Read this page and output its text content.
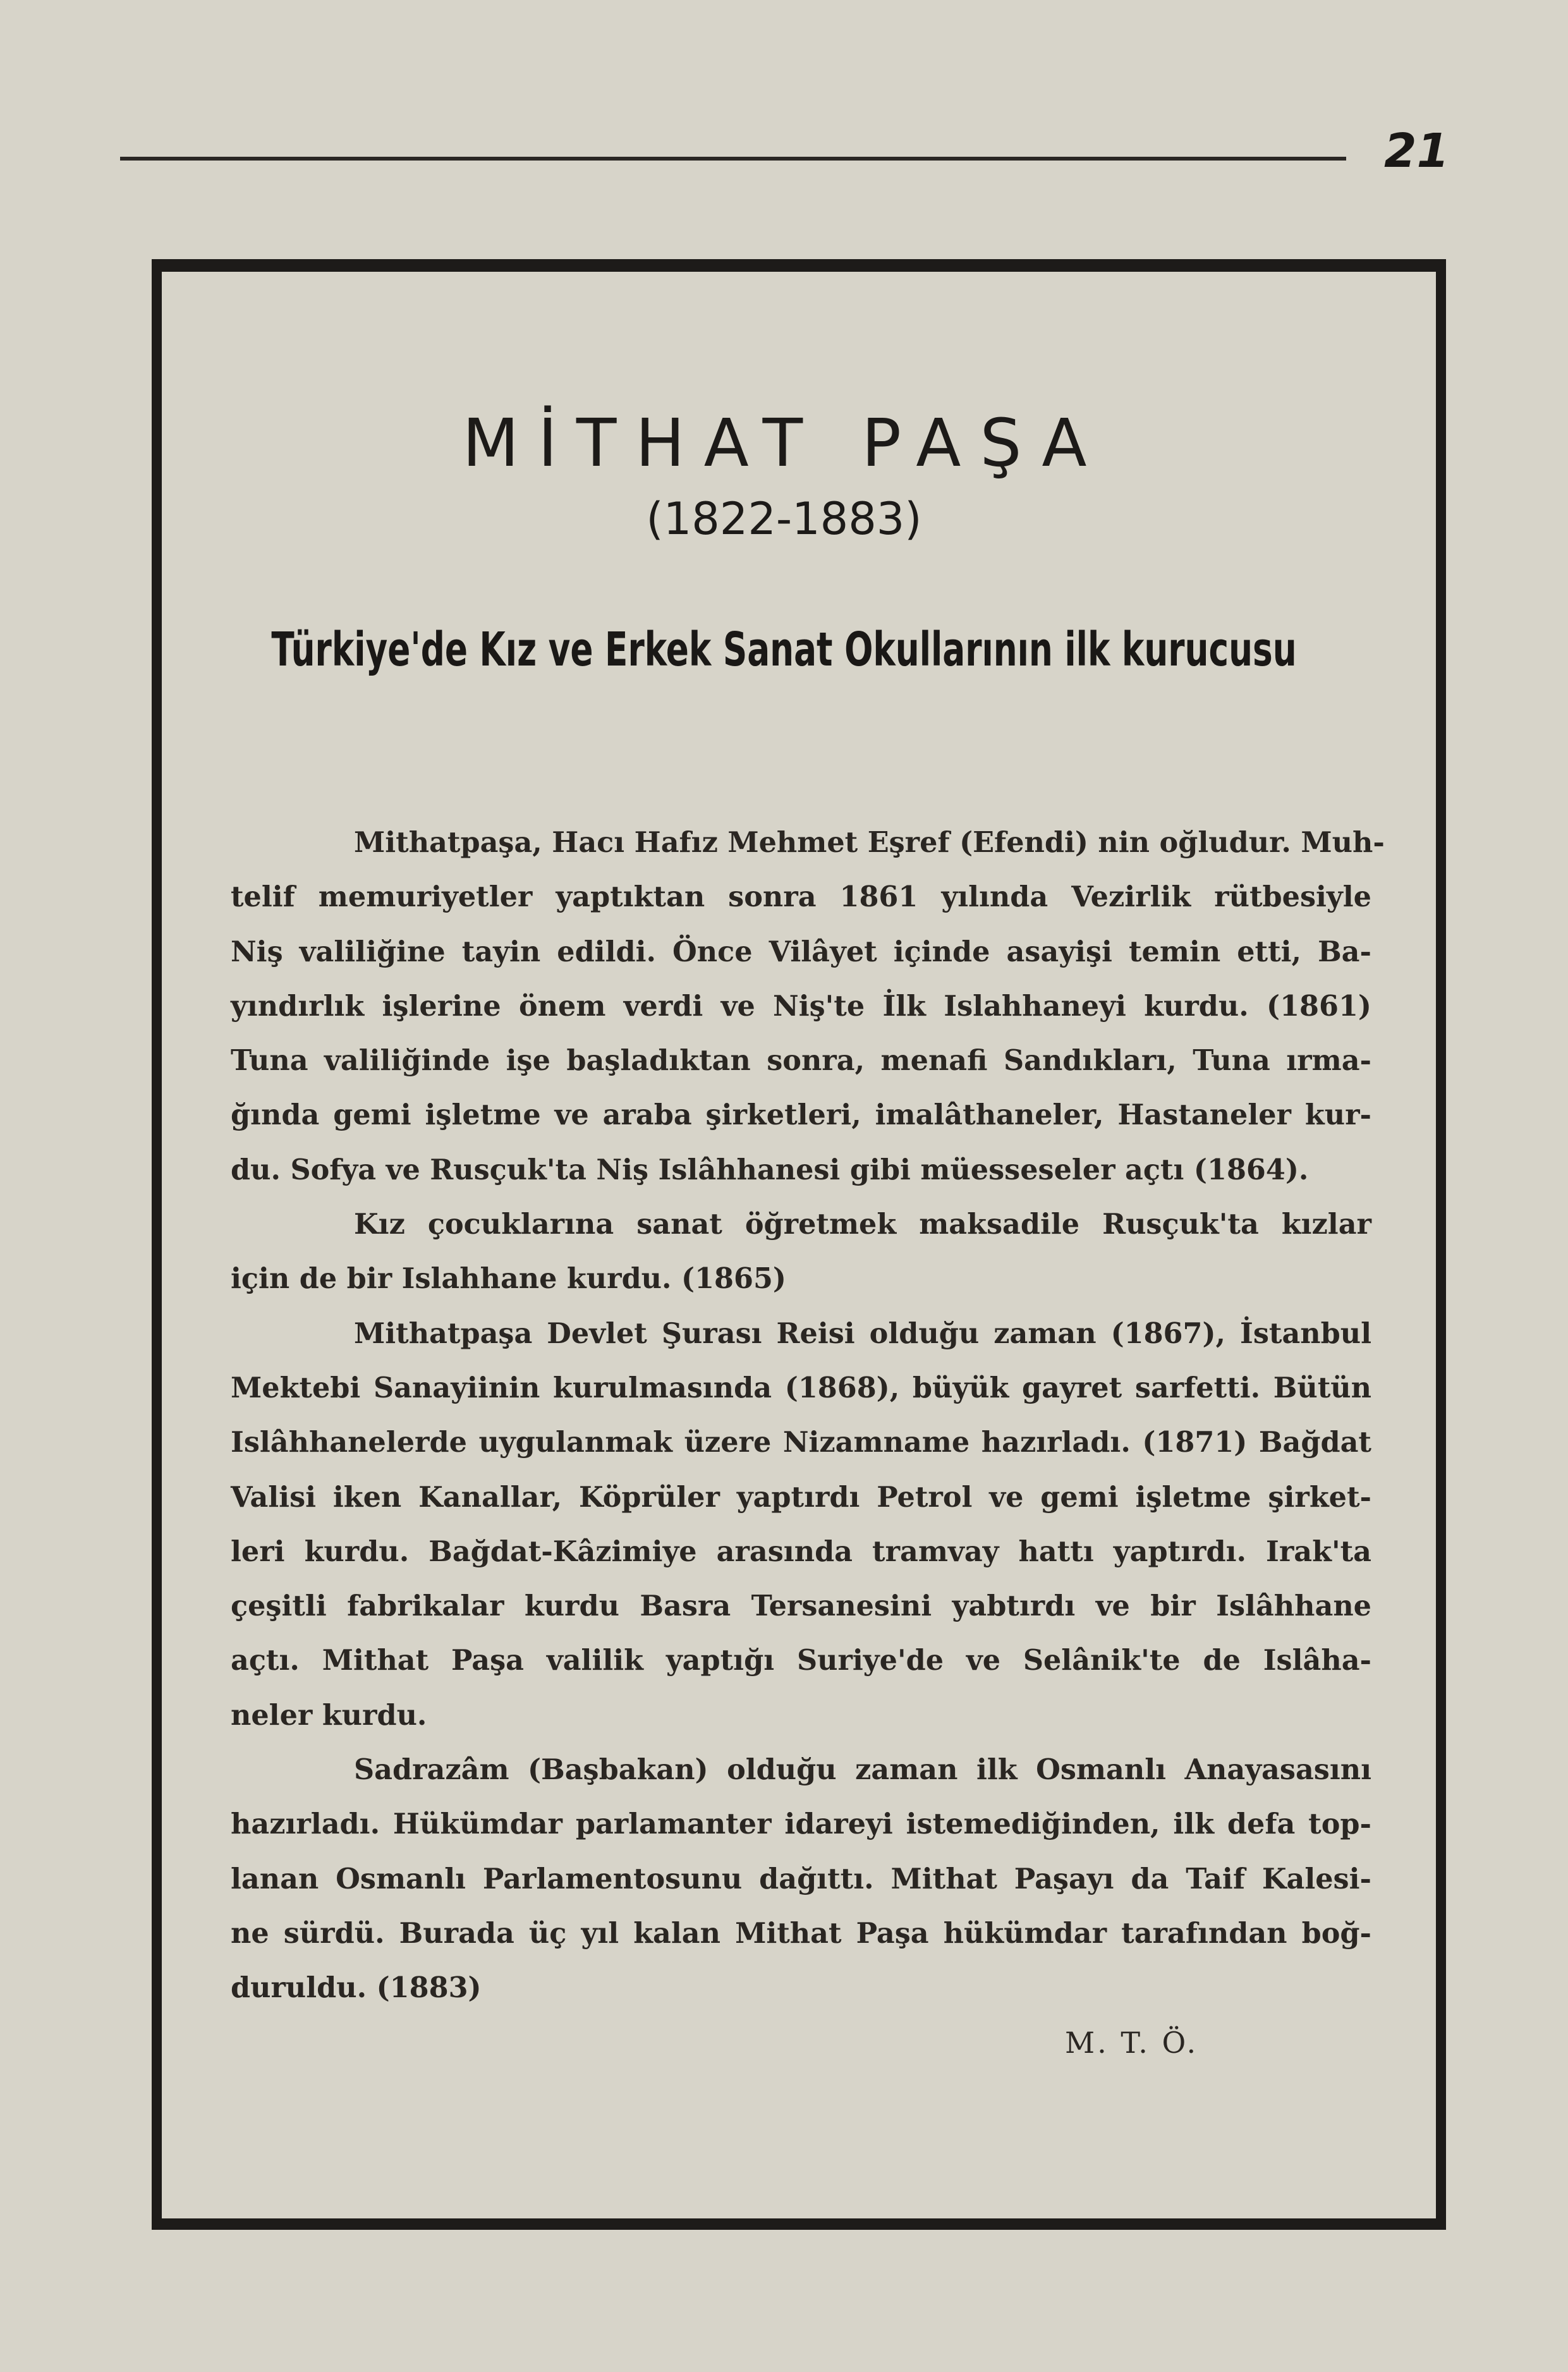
21
MİTHAT PAŞA
(1822-1883)
Türkiye'de Kız ve Erkek Sanat Okullarının ilk kurucusu
Mithatpaşa, Hacı Hafız Mehmet Eşref (Efendi) nin oğludur. Muh-
telif memuriyetler yaptıktan sonra 1861 yılında Vezirlik rütbesiyle
Niş valiliğine tayin edildi. Önce Vilâyet içinde asayişi temin etti, Ba-
yındırlık işlerine önem verdi ve Niş'te İlk Islahhaneyi kurdu. (1861)
Tuna valiliğinde işe başladıktan sonra, menafi Sandıkları, Tuna ırma-
ğında gemi işletme ve araba şirketleri, imalâthaneler, Hastaneler kur-
du. Sofya ve Rusçuk'ta Niş Islâhhanesi gibi müesseseler açtı (1864).
Kız çocuklarına sanat öğretmek maksadile Rusçuk'ta kızlar
için de bir Islahhane kurdu. (1865)
Mithatpaşa Devlet Şurası Reisi olduğu zaman (1867), İstanbul
Mektebi Sanayiinin kurulmasında (1868), büyük gayret sarfetti. Bütün
Islâhhanelerde uygulanmak üzere Nizamname hazırladı. (1871) Bağdat
Valisi iken Kanallar, Köprüler yaptırdı Petrol ve gemi işletme şirket-
leri kurdu. Bağdat-Kâzimiye arasında tramvay hattı yaptırdı. Irak'ta
çeşitli fabrikalar kurdu Basra Tersanesini yabtırdı ve bir Islâhhane
açtı. Mithat Paşa valilik yaptığı Suriye'de ve Selânik'te de Islâha-
neler kurdu.
Sadrazâm (Başbakan) olduğu zaman ilk Osmanlı Anayasasını
hazırladı. Hükümdar parlamanter idareyi istemediğinden, ilk defa top-
lanan Osmanlı Parlamentosunu dağıttı. Mithat Paşayı da Taif Kalesi-
ne sürdü. Burada üç yıl kalan Mithat Paşa hükümdar tarafından boğ-
duruldu. (1883)
M. T. Ö.
